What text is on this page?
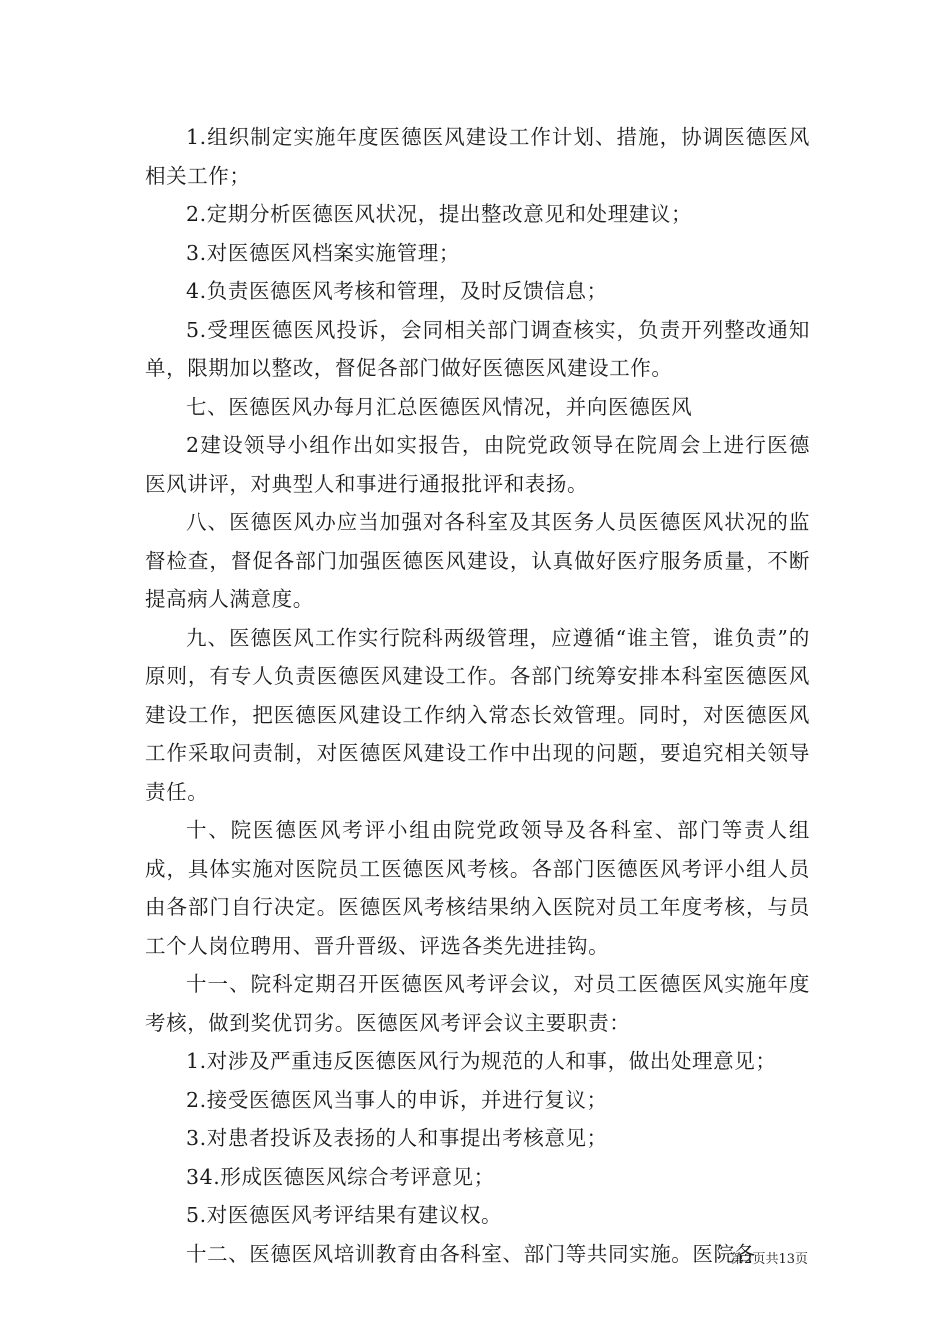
1.组织制定实施年度医德医风建设工作计划、措施，协调医德医风相关工作；

2.定期分析医德医风状况，提出整改意见和处理建议；

3.对医德医风档案实施管理；

4.负责医德医风考核和管理，及时反馈信息；

5.受理医德医风投诉，会同相关部门调查核实，负责开列整改通知单，限期加以整改，督促各部门做好医德医风建设工作。

七、医德医风办每月汇总医德医风情况，并向医德医风

2建设领导小组作出如实报告，由院党政领导在院周会上进行医德医风讲评，对典型人和事进行通报批评和表扬。

八、医德医风办应当加强对各科室及其医务人员医德医风状况的监督检查，督促各部门加强医德医风建设，认真做好医疗服务质量，不断提高病人满意度。

九、医德医风工作实行院科两级管理，应遵循“谁主管，谁负责”的原则，有专人负责医德医风建设工作。各部门统筹安排本科室医德医风建设工作，把医德医风建设工作纳入常态长效管理。同时，对医德医风工作采取问责制，对医德医风建设工作中出现的问题，要追究相关领导责任。

十、院医德医风考评小组由院党政领导及各科室、部门等责人组成，具体实施对医院员工医德医风考核。各部门医德医风考评小组人员由各部门自行决定。医德医风考核结果纳入医院对员工年度考核，与员工个人岗位聘用、晋升晋级、评选各类先进挂钩。

十一、院科定期召开医德医风考评会议，对员工医德医风实施年度考核，做到奖优罚劣。医德医风考评会议主要职责：

1.对涉及严重违反医德医风行为规范的人和事，做出处理意见；

2.接受医德医风当事人的申诉，并进行复议；

3.对患者投诉及表扬的人和事提出考核意见；

34.形成医德医风综合考评意见；

5.对医德医风考评结果有建议权。

十二、医德医风培训教育由各科室、部门等共同实施。医院各

第2页共13页
